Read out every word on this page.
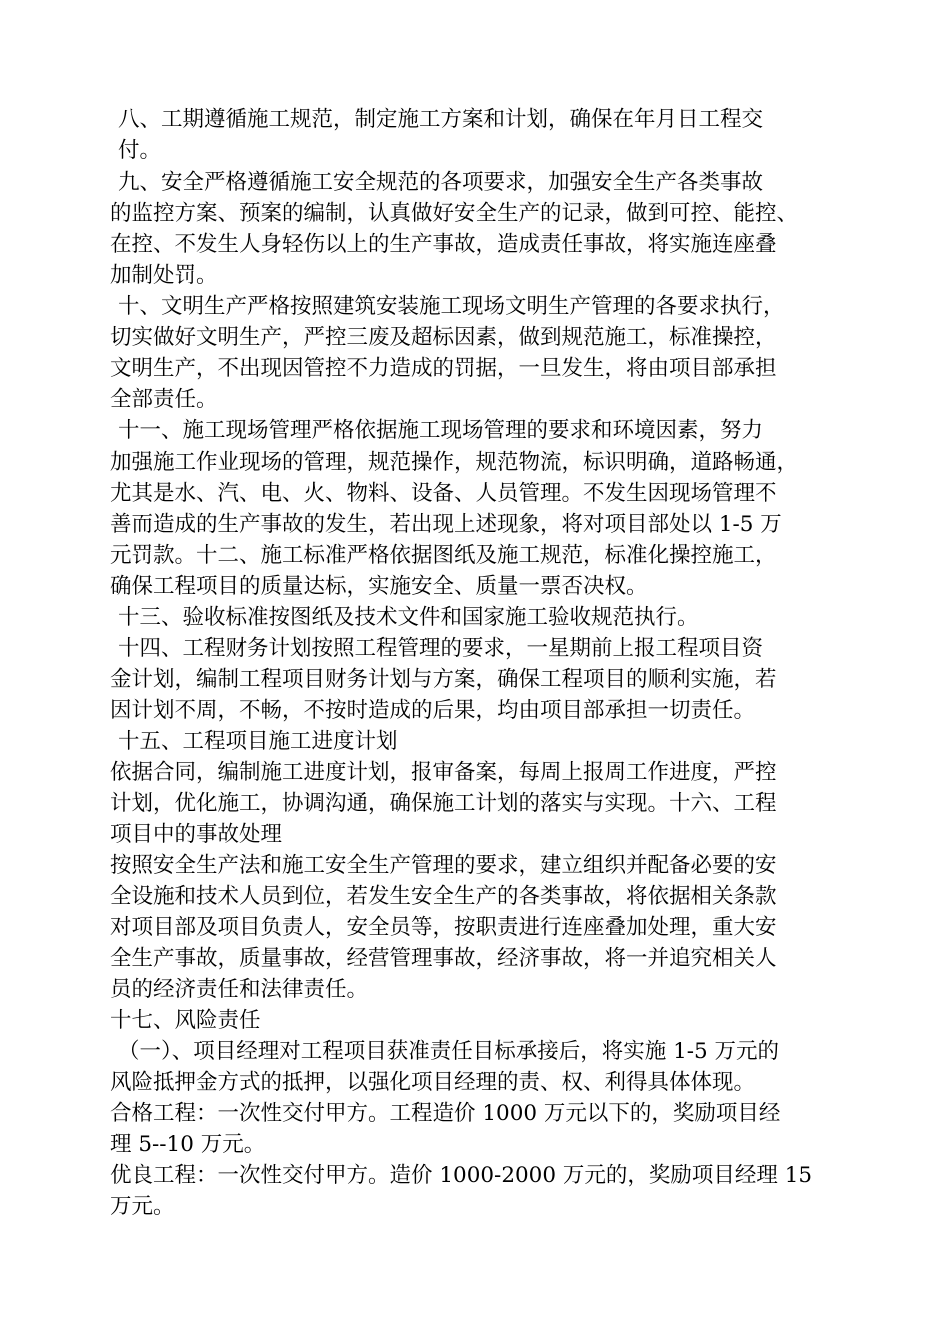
八、工期遵循施工规范，制定施工方案和计划，确保在年月日工程交

付。

九、安全严格遵循施工安全规范的各项要求，加强安全生产各类事故

的监控方案、预案的编制，认真做好安全生产的记录，做到可控、能控、

在控、不发生人身轻伤以上的生产事故，造成责任事故，将实施连座叠

加制处罚。

十、文明生产严格按照建筑安装施工现场文明生产管理的各要求执行，

切实做好文明生产，严控三废及超标因素，做到规范施工，标准操控，

文明生产，不出现因管控不力造成的罚据，一旦发生，将由项目部承担

全部责任。

十一、施工现场管理严格依据施工现场管理的要求和环境因素，努力

加强施工作业现场的管理，规范操作，规范物流，标识明确，道路畅通，

尤其是水、汽、电、火、物料、设备、人员管理。不发生因现场管理不

善而造成的生产事故的发生，若出现上述现象，将对项目部处以 1-5 万

元罚款。十二、施工标准严格依据图纸及施工规范，标准化操控施工，

确保工程项目的质量达标，实施安全、质量一票否决权。

十三、验收标准按图纸及技术文件和国家施工验收规范执行。

十四、工程财务计划按照工程管理的要求，一星期前上报工程项目资

金计划，编制工程项目财务计划与方案，确保工程项目的顺利实施，若

因计划不周，不畅，不按时造成的后果，均由项目部承担一切责任。

十五、工程项目施工进度计划

依据合同，编制施工进度计划，报审备案，每周上报周工作进度，严控

计划，优化施工，协调沟通，确保施工计划的落实与实现。十六、工程

项目中的事故处理

按照安全生产法和施工安全生产管理的要求，建立组织并配备必要的安

全设施和技术人员到位，若发生安全生产的各类事故，将依据相关条款

对项目部及项目负责人，安全员等，按职责进行连座叠加处理，重大安

全生产事故，质量事故，经营管理事故，经济事故，将一并追究相关人

员的经济责任和法律责任。

十七、风险责任

（一）、项目经理对工程项目获准责任目标承接后，将实施 1-5 万元的

风险抵押金方式的抵押，以强化项目经理的责、权、利得具体体现。

合格工程：一次性交付甲方。工程造价 1000 万元以下的，奖励项目经

理 5--10 万元。

优良工程：一次性交付甲方。造价 1000-2000 万元的，奖励项目经理 15

万元。
